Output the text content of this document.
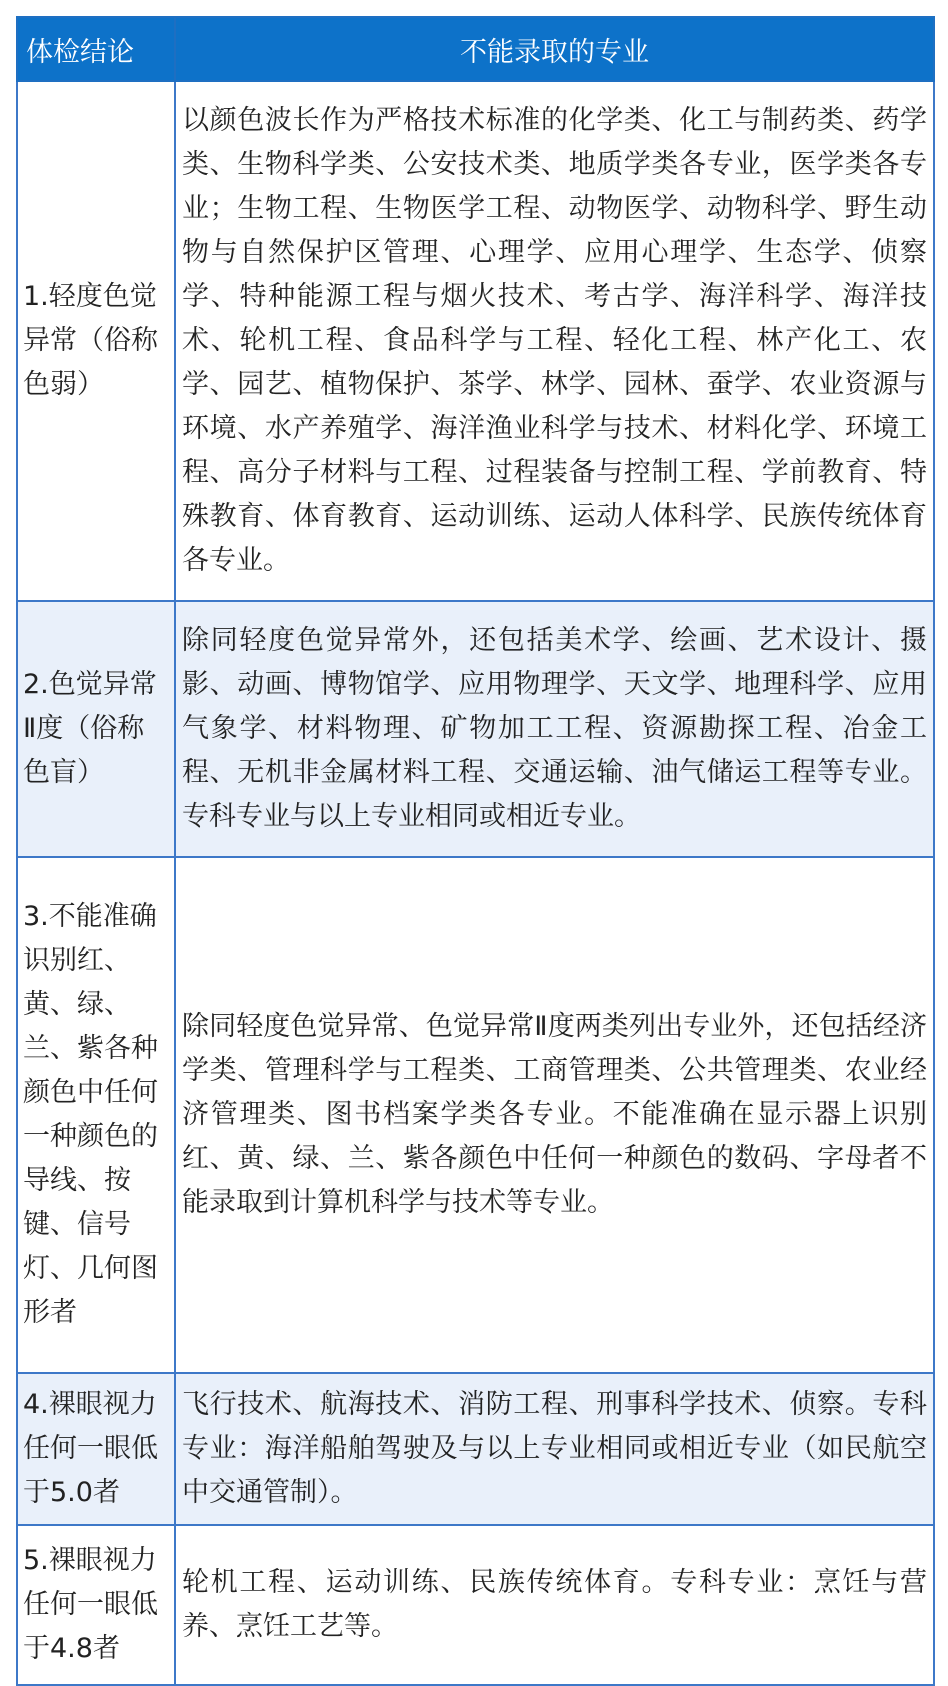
体检结论	不能录取的专业
1.轻度色觉异常（俗称色弱）	以颜色波长作为严格技术标准的化学类、化工与制药类、药学类、生物科学类、公安技术类、地质学类各专业，医学类各专业；生物工程、生物医学工程、动物医学、动物科学、野生动物与自然保护区管理、心理学、应用心理学、生态学、侦察学、特种能源工程与烟火技术、考古学、海洋科学、海洋技术、轮机工程、食品科学与工程、轻化工程、林产化工、农学、园艺、植物保护、茶学、林学、园林、蚕学、农业资源与环境、水产养殖学、海洋渔业科学与技术、材料化学、环境工程、高分子材料与工程、过程装备与控制工程、学前教育、特殊教育、体育教育、运动训练、运动人体科学、民族传统体育各专业。
2.色觉异常Ⅱ度（俗称色盲）	除同轻度色觉异常外，还包括美术学、绘画、艺术设计、摄影、动画、博物馆学、应用物理学、天文学、地理科学、应用气象学、材料物理、矿物加工工程、资源勘探工程、冶金工程、无机非金属材料工程、交通运输、油气储运工程等专业。专科专业与以上专业相同或相近专业。
3.不能准确识别红、黄、绿、兰、紫各种颜色中任何一种颜色的导线、按键、信号灯、几何图形者	除同轻度色觉异常、色觉异常Ⅱ度两类列出专业外，还包括经济学类、管理科学与工程类、工商管理类、公共管理类、农业经济管理类、图书档案学类各专业。不能准确在显示器上识别红、黄、绿、兰、紫各颜色中任何一种颜色的数码、字母者不能录取到计算机科学与技术等专业。
4.裸眼视力任何一眼低于5.0者	飞行技术、航海技术、消防工程、刑事科学技术、侦察。专科专业：海洋船舶驾驶及与以上专业相同或相近专业（如民航空中交通管制）。
5.裸眼视力任何一眼低于4.8者	轮机工程、运动训练、民族传统体育。专科专业：烹饪与营养、烹饪工艺等。
